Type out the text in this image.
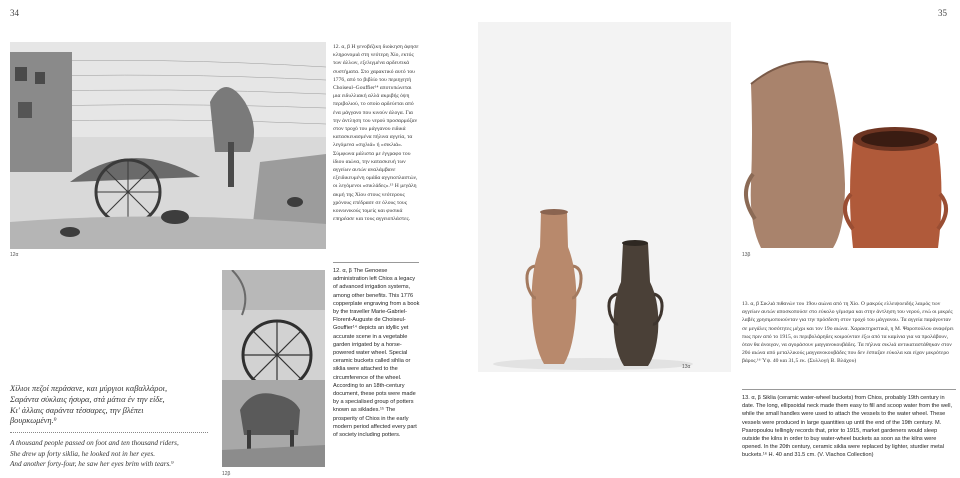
34
12α
12. α, β Η γενοβέζικη διοίκηση άφησε κληρονομιά στη νεότερη Χίο, εκτός των άλλων, εξελιγμένα αρδευτικά συστήματα. Στο χαρακτικό αυτό του 1776, από το βιβλίο του περιηγητή Choiseul–Gouffier¹⁴ αποτυπώνεται μια ειδυλλιακή αλλά ακριβής όψη περιβολιού, το οποίο αρδεύεται από ένα μάγγανο που κινούν άλογα. Για την άντληση του νερού προσαρμόζαν στον τροχό του μάγγανου ειδικά κατασκευασμένα πήλινα αγγεία, τα λεγόμενα «σιχλιά» ή «σικλιά». Σύμφωνα μάλιστα με έγγραφο του ίδιου αιώνα, την κατασκευή των αγγείων αυτών αναλάμβανε εξειδικευμένη ομάδα αγγειοπλαστών, οι λεγόμενοι «σικλάδες».¹⁵ Η μεγάλη ακμή της Χίου στους νεότερους χρόνους επέδρασε σε όλους τους κοινωνικούς τομείς και φυσικά επηρέασε και τους αγγειοπλάστες.
12. α, β The Genoese administration left Chios a legacy of advanced irrigation systems, among other benefits. This 1776 copperplate engraving from a book by the traveller Marie-Gabriel-Florent-Auguste de Choiseul-Gouffier¹⁴ depicts an idyllic yet accurate scene in a vegetable garden irrigated by a horse-powered water wheel. Special ceramic buckets called sihlia or siklia were attached to the circumference of the wheel. According to an 18th-century document, these pots were made by a specialised group of potters known as siklades.¹⁵ The prosperity of Chios in the early modern period affected every part of society including potters.
12β
Χίλιοι πεζοί περάσανε, και μύργιοι καβαλλάροι,
Σαράντα σύκλαις ήσυρα, στά μάτια έν την είδε,
Κι' άλλαις σαράντα τέσσαρες, την βλέπει
βουρκωμένη.⁹
A thousand people passed on foot and ten thousand riders,
She drew up forty siklia, he looked not in her eyes.
And another forty-four, he saw her eyes brim with tears.⁹
35
13α
13β
13. α, β Σικλιά πιθανών του 19ου αιώνα από τη Χίο. Ο μακρύς ελλειψοειδής λαιμός των αγγείων αυτών αποσκοπούσε στο εύκολο γέμισμα και στην άντληση του νερού, ενώ οι μικρές λαβές χρησιμοποιούνταν για την πρόσδεση στον τροχό του μάγγανου. Τα αγγεία παράγονταν σε μεγάλες ποσότητες μέχρι και τον 19ο αιώνα. Χαρακτηριστικά, η Μ. Ψαροπούλου αναφέρει πως πριν από το 1915, οι περιβολάρηδες κοιμούνταν έξω από τα καμίνια για να προλάβουν, όταν θα άνοιγαν, να αγοράσουν μαγγανοκουβάδες. Τα πήλινα σικλιά αντικαταστάθηκαν στον 20ό αιώνα από μεταλλικούς μαγγανοκουβάδες που δεν έσπαζαν εύκολα και είχαν μικρότερο βάρος.¹⁶ Ύψ. 40 και 31,5 εκ. (Συλλογή Β. Βλάχου)
13. α, β Siklia (ceramic water-wheel buckets) from Chios, probably 19th century in date. The long, ellipsoidal neck made them easy to fill and scoop water from the well, while the small handles were used to attach the vessels to the water wheel. These vessels were produced in large quantities up until the end of the 19th century. M. Psaropoulou tellingly records that, prior to 1915, market gardeners would sleep outside the kilns in order to buy water-wheel buckets as soon as the kilns were opened. In the 20th century, ceramic siklia were replaced by lighter, sturdier metal buckets.¹⁶ H. 40 and 31.5 cm. (V. Vlachos Collection)
